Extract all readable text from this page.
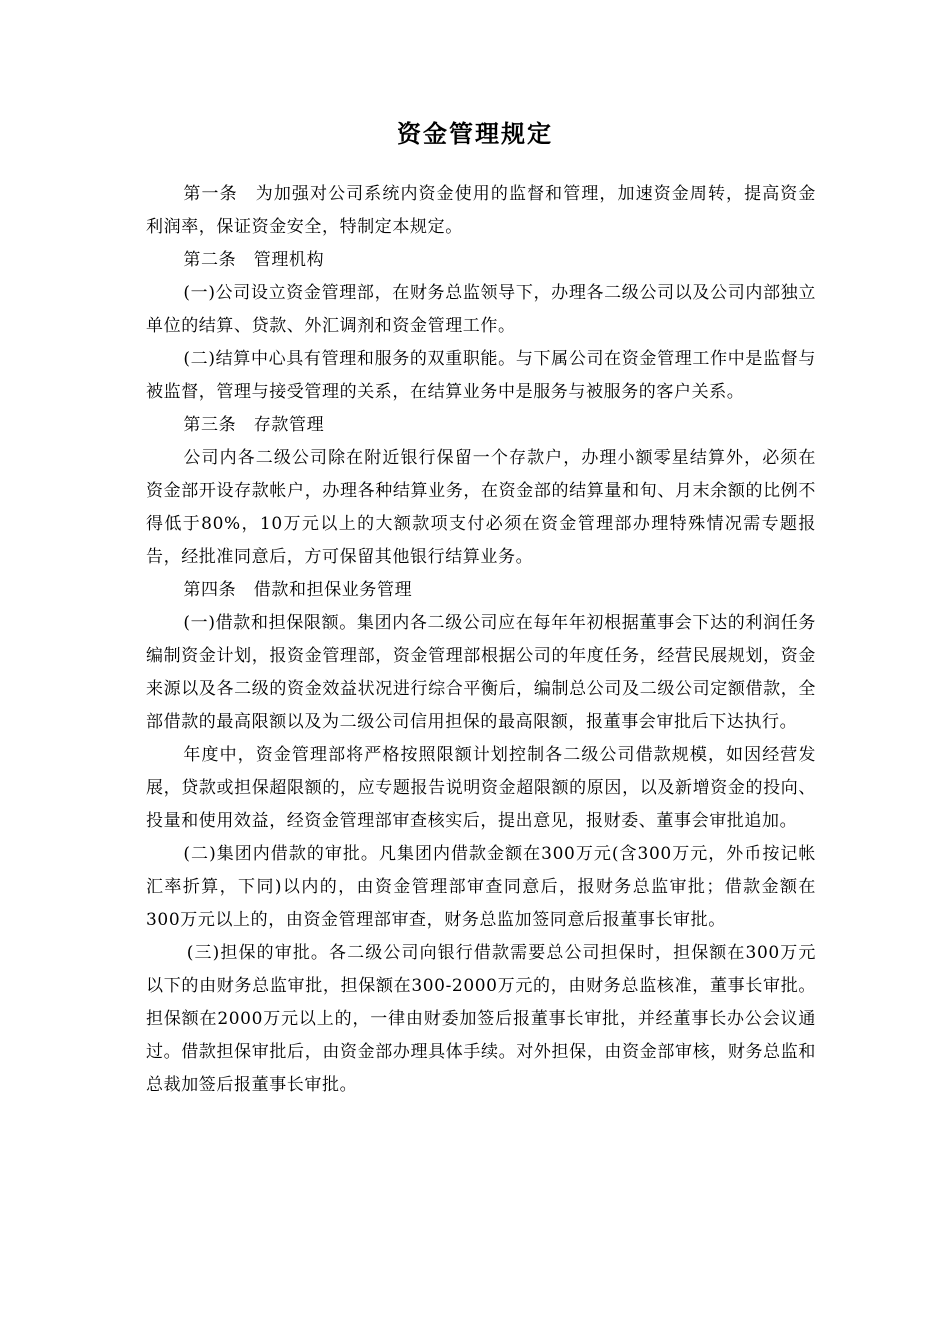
资金管理规定

第一条　为加强对公司系统内资金使用的监督和管理，加速资金周转，提高资金利润率，保证资金安全，特制定本规定。

第二条　管理机构

(一)公司设立资金管理部，在财务总监领导下，办理各二级公司以及公司内部独立单位的结算、贷款、外汇调剂和资金管理工作。

(二)结算中心具有管理和服务的双重职能。与下属公司在资金管理工作中是监督与被监督，管理与接受管理的关系，在结算业务中是服务与被服务的客户关系。

第三条　存款管理

公司内各二级公司除在附近银行保留一个存款户，办理小额零星结算外，必须在资金部开设存款帐户，办理各种结算业务，在资金部的结算量和旬、月末余额的比例不得低于80%，10万元以上的大额款项支付必须在资金管理部办理特殊情况需专题报告，经批准同意后，方可保留其他银行结算业务。

第四条　借款和担保业务管理

(一)借款和担保限额。集团内各二级公司应在每年年初根据董事会下达的利润任务编制资金计划，报资金管理部，资金管理部根据公司的年度任务，经营民展规划，资金来源以及各二级的资金效益状况进行综合平衡后，编制总公司及二级公司定额借款，全部借款的最高限额以及为二级公司信用担保的最高限额，报董事会审批后下达执行。

年度中，资金管理部将严格按照限额计划控制各二级公司借款规模，如因经营发展，贷款或担保超限额的，应专题报告说明资金超限额的原因，以及新增资金的投向、投量和使用效益，经资金管理部审查核实后，提出意见，报财委、董事会审批追加。

(二)集团内借款的审批。凡集团内借款金额在300万元(含300万元，外币按记帐汇率折算，下同)以内的，由资金管理部审查同意后，报财务总监审批；借款金额在300万元以上的，由资金管理部审查，财务总监加签同意后报董事长审批。

(三)担保的审批。各二级公司向银行借款需要总公司担保时，担保额在300万元以下的由财务总监审批，担保额在300-2000万元的，由财务总监核准，董事长审批。担保额在2000万元以上的，一律由财委加签后报董事长审批，并经董事长办公会议通过。借款担保审批后，由资金部办理具体手续。对外担保，由资金部审核，财务总监和总裁加签后报董事长审批。
